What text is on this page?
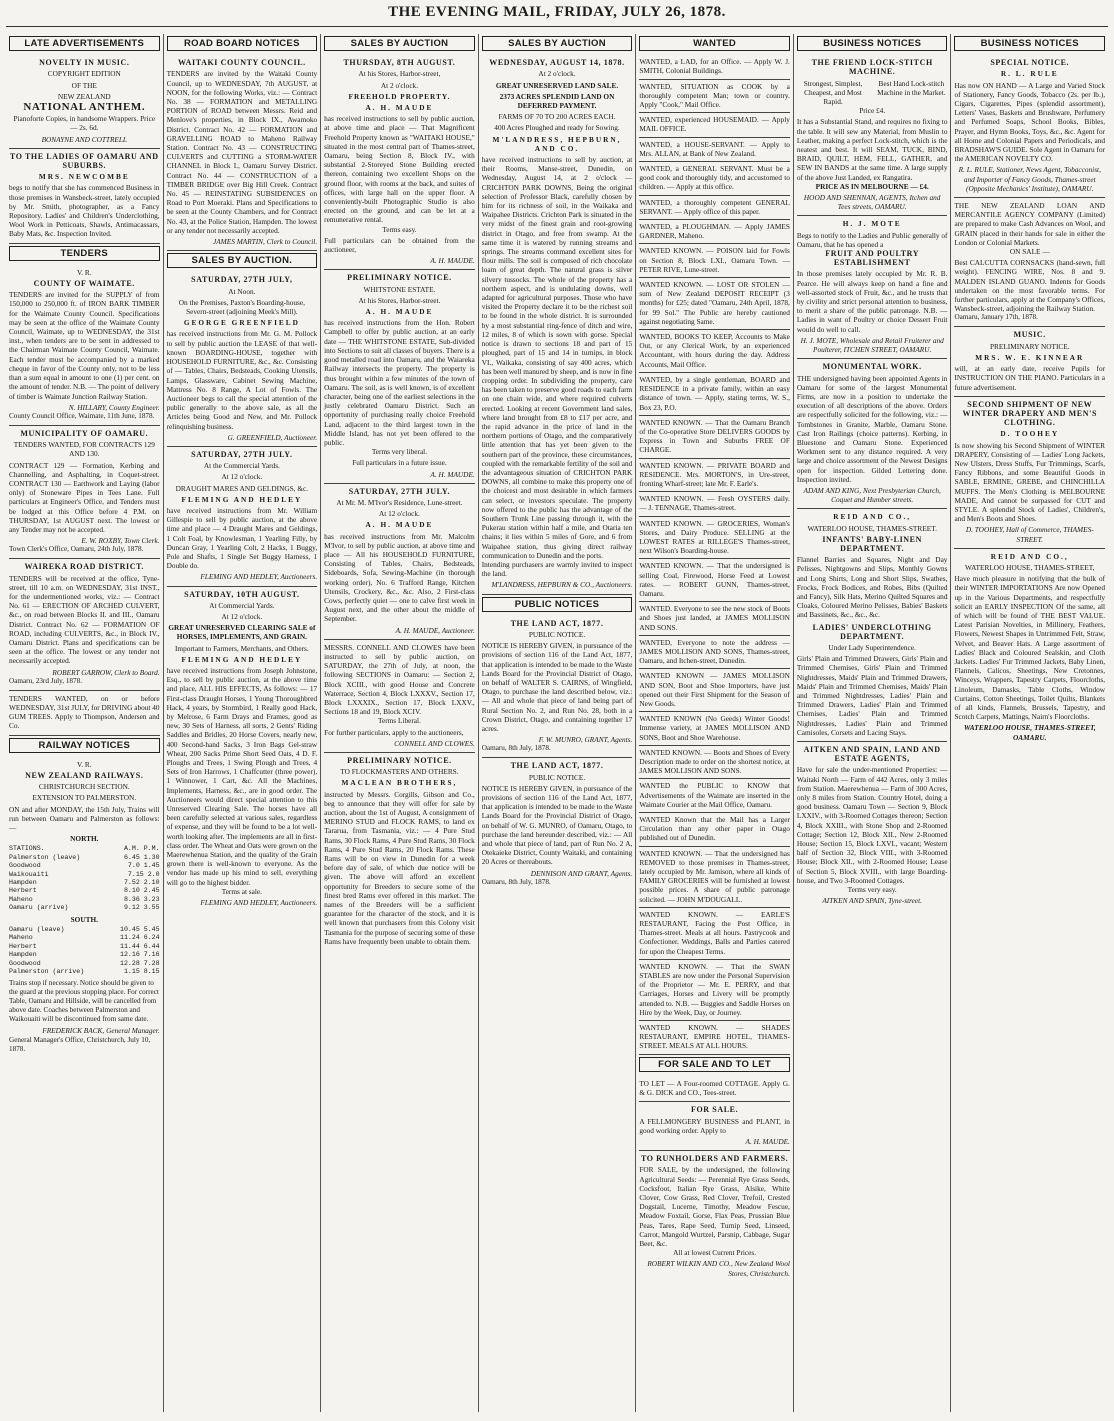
THE EVENING MAIL, FRIDAY, JULY 26, 1878.
LATE ADVERTISEMENTS
NOVELTY IN MUSIC.
COPYRIGHT EDITION
OF THE
NEW ZEALAND
NATIONAL ANTHEM.
Pianoforte Copies, in handsome Wrappers. Price — 2s. 6d.
BONAYNE AND COTTRELL
TO THE LADIES OF OAMARU AND SUBURBS.
MRS. NEWCOMBE
begs to notify that she has commenced Business in those premises in Wansbeck-street, lately occupied by Mr. Smith, photographer, as a Fancy Repository. Ladies' and Children's Underclothing, Wool Work in Petticoats, Shawls, Antimacassars, Baby Mats, &c. Inspection Invited.
TENDERS
V. R.
COUNTY OF WAIMATE.
TENDERS are invited for the SUPPLY of from 150,000 to 250,000 ft. of IRON BARK TIMBER for the Waimate County Council. Specifications may be seen at the office of the Waimate County Council, Waimate, up to WEDNESDAY, the 31st inst., when tenders are to be sent in addressed to the Chairman Waimate County Council, Waimate. Each tender must be accompanied by a marked cheque in favor of the County only, not to be less than a sum equal in amount to one (1) per cent. on the amount of tender. N.B. — The point of delivery of timber is Waimate Junction Railway Station.
N. HILLARY, County Engineer.
County Council Office, Waimate, 11th June, 1878.
MUNICIPALITY OF OAMARU.
TENDERS WANTED, FOR CONTRACTS 129 AND 130.
CONTRACT 129 — Formation, Kerbing and Channelling, and Asphalting, in Coquet-street. CONTRACT 130 — Earthwork and Laying (labor only) of Stoneware Pipes in Tees Lane. Full particulars at Engineer's Office, and Tenders must be lodged at this Office before 4 P.M. on THURSDAY, 1st AUGUST next. The lowest or any Tender may not be accepted.
E. W. ROXBY, Town Clerk.
Town Clerk's Office, Oamaru, 24th July, 1878.
WAIREKA ROAD DISTRICT.
TENDERS will be received at the office, Tyne-street, till 10 a.m. on WEDNESDAY, 31st INST., for the undermentioned works, viz.: — Contract No. 61 — ERECTION OF ARCHED CULVERT, &c., on road between Blocks II. and III., Oamaru District. Contract No. 62 — FORMATION OF ROAD, including CULVERTS, &c., in Block IV., Oamaru District. Plans and specifications can be seen at the office. The lowest or any tender not necessarily accepted.
ROBERT GARROW, Clerk to Board.
Oamaru, 23rd July, 1878.
TENDERS WANTED, on or before WEDNESDAY, 31st JULY, for DRIVING about 40 GUM TREES. Apply to Thompson, Andersen and Co.
RAILWAY NOTICES
V. R.
NEW ZEALAND RAILWAYS.
CHRISTCHURCH SECTION.
EXTENSION TO PALMERSTON.
ON and after MONDAY, the 15th July, Trains will run between Oamaru and Palmerston as follows: —
NORTH.
STATIONS.	A.M. P.M.
Palmerston (leave)	6.45 1.30
Goodwood	7.0 1.45
Waikouaiti	7.15 2.0
Hampden	7.52 2.10
Herbert	8.10 2.45
Maheno	8.36 3.23
Oamaru (arrive)	9.12 3.55
SOUTH.
Oamaru (leave)	10.45 5.45
Maheno	11.24 6.24
Herbert	11.44 6.44
Hampden	12.16 7.16
Goodwood	12.28 7.28
Palmerston (arrive)	1.15 8.15
Trains stop if necessary. Notice should be given to the guard at the previous stopping place. For correct Table, Oamaru and Hillside, will be cancelled from above date. Coaches between Palmerston and Waikouaiti will be discontinued from same date.
FREDERICK BACK, General Manager.
General Manager's Office, Christchurch, July 10, 1878.
ROAD BOARD NOTICES
WAITAKI COUNTY COUNCIL.
TENDERS are invited by the Waitaki County Council, up to WEDNESDAY, 7th AUGUST, at NOON, for the following Works, viz.: — Contract No. 38 — FORMATION and METALLING PORTION of ROAD between Messrs. Reid and Menlove's properties, in Block IX., Awamoko District. Contract No. 42 — FORMATION and GRAVELLING ROAD to Maheno Railway Station. Contract No. 43 — CONSTRUCTING CULVERTS and CUTTING a STORM-WATER CHANNEL in Block I., Oamaru Survey District. Contract No. 44 — CONSTRUCTION of a TIMBER BRIDGE over Big Hill Creek. Contract No. 45 — REINSTATING SUBSIDENCES on Road to Port Moeraki. Plans and Specifications to be seen at the County Chambers, and for Contract No. 43, at the Police Station, Hampden. The lowest or any tender not necessarily accepted.
JAMES MARTIN, Clerk to Council.
SALES BY AUCTION.
SATURDAY, 27TH JULY,
At Noon.
On the Premises, Paxton's Boarding-house, Severn-street (adjoining Meek's Mill).
GEORGE GREENFIELD
has received instructions from Mr. G. M. Pollock to sell by public auction the LEASE of that well-known BOARDING-HOUSE, together with HOUSEHOLD FURNITURE, &c., &c. Consisting of — Tables, Chairs, Bedsteads, Cooking Utensils, Lamps, Glassware, Cabinet Sewing Machine, Mattress No. 8 Range, A Lot of Fowls. The Auctioneer begs to call the special attention of the public generally to the above sale, as all the Articles being Good and New, and Mr. Pollock relinquishing business.
G. GREENFIELD, Auctioneer.
SATURDAY, 27TH JULY.
At the Commercial Yards.
At 12 o'clock.
DRAUGHT MARES AND GELDINGS, &c.
FLEMING AND HEDLEY
have received instructions from Mr. William Gillespie to sell by public auction, at the above time and place — 4 Draught Mares and Geldings, 1 Colt Foal, by Knowlesman, 1 Yearling Filly, by Duncan Gray, 1 Yearling Colt, 2 Hacks, 1 Buggy, Pole and Shafts, 1 Single Set Buggy Harness, 1 Double do.
FLEMING AND HEDLEY, Auctioneers.
SATURDAY, 10TH AUGUST.
At Commercial Yards.
At 12 o'clock.
GREAT UNRESERVED CLEARING SALE of HORSES, IMPLEMENTS, AND GRAIN.
Important to Farmers, Merchants, and Others.
FLEMING AND HEDLEY
have received instructions from Joseph Johnstone, Esq., to sell by public auction, at the above time and place, ALL HIS EFFECTS, As follows: — 17 First-class Draught Horses, 1 Young Thoroughbred Hack, 4 years, by Stormbird, 1 Really good Hack, by Melrose, 6 Farm Drays and Frames, good as new, 30 Sets of Harness, all sorts, 2 Gents' Riding Saddles and Bridles, 20 Horse Covers, nearly new, 400 Second-hand Sacks, 3 Iron Bags Gel-straw Wheat, 200 Sacks Prime Short Seed Oats, 4 D. F. Ploughs and Trees, 1 Swing Plough and Trees, 4 Sets of Iron Harrows, 1 Chaffcutter (three power), 1 Winnower, 1 Cart, &c. All the Machines, Implements, Harness, &c., are in good order. The Auctioneers would direct special attention to this Unreserved Clearing Sale. The horses have all been carefully selected at various sales, regardless of expense, and they will be found to be a lot well-worth looking after. The implements are all in first-class order. The Wheat and Oats were grown on the Maerewhenua Station, and the quality of the Grain grown there is well-known to everyone. As the vendor has made up his mind to sell, everything will go to the highest bidder.
Terms at sale.
FLEMING AND HEDLEY, Auctioneers.
SALES BY AUCTION
THURSDAY, 8TH AUGUST.
At his Stores, Harbor-street,
At 2 o'clock.
FREEHOLD PROPERTY.
A. H. MAUDE
has received instructions to sell by public auction, at above time and place — That Magnificent Freehold Property known as "WAITAKI HOUSE," situated in the most central part of Thames-street, Oamaru, being Section 8, Block IV., with substantial 2-Storeyed Stone Building erected thereon, containing two excellent Shops on the ground floor, with rooms at the back, and suites of offices, with large hall on the upper floor. A conveniently-built Photographic Studio is also erected on the ground, and can be let at a remunerative rental.
Terms easy.
Full particulars can be obtained from the auctioneer,
A. H. MAUDE.
PRELIMINARY NOTICE.
WHITSTONE ESTATE.
At his Stores, Harbor-street.
A. H. MAUDE
has received instructions from the Hon. Robert Campbell to offer by public auction, at an early date — THE WHITSTONE ESTATE, Sub-divided into Sections to suit all classes of buyers. There is a good metalled road into Oamaru, and the Waiareka Railway intersects the property. The property is thus brought within a few minutes of the town of Oamaru. The soil, as is well known, is of excellent character, being one of the earliest selections in the justly celebrated Oamaru District. Such an opportunity of purchasing really choice Freehold Land, adjacent to the third largest town in the Middle Island, has not yet been offered to the public.
Terms very liberal.
Full particulars in a future issue.
A. H. MAUDE.
SATURDAY, 27TH JULY.
At Mr. M. M'Ivor's Residence, Lune-street.
At 12 o'clock.
A. H. MAUDE
has received instructions from Mr. Malcolm M'Ivor, to sell by public auction, at above time and place — All his HOUSEHOLD FURNITURE, Consisting of Tables, Chairs, Bedsteads, Sideboards, Sofa, Sewing-Machine (in thorough working order), No. 6 Trafford Range, Kitchen Utensils, Crockery, &c., &c. Also, 2 First-class Cows, perfectly quiet — one to calve first week in August next, and the other about the middle of September.
A. H. MAUDE, Auctioneer.
MESSRS. CONNELL AND CLOWES have been instructed to sell by public auction, on SATURDAY, the 27th of July, at noon, the following SECTIONS in Oamaru: — Section 2, Block XCIII., with good House and Concrete Waterrace, Section 4, Block LXXXV., Section 17, Block LXXXIX., Section 17, Block LXXV., Sections 18 and 19, Block XCIV.
Terms Liberal.
For further particulars, apply to the auctioneers,
CONNELL AND CLOWES.
PRELIMINARY NOTICE.
TO FLOCKMASTERS AND OTHERS.
MACLEAN BROTHERS,
instructed by Messrs. Corgills, Gibson and Co., beg to announce that they will offer for sale by auction, about the 1st of August, A consignment of MERINO STUD and FLOCK RAMS, to land ex Tararua, from Tasmania, viz.: — 4 Pure Stud Rams, 30 Flock Rams, 4 Pure Stud Rams, 30 Flock Rams, 4 Pure Stud Rams, 20 Flock Rams. These Rams will be on view in Dunedin for a week before day of sale, of which due notice will be given. The above will afford an excellent opportunity for Breeders to secure some of the finest bred Rams ever offered in this market. The names of the Breeders will be a sufficient guarantee for the character of the stock, and it is well known that purchasers from this Colony visit Tasmania for the purpose of securing some of these Rams have frequently been unable to obtain them.
SALES BY AUCTION
WEDNESDAY, AUGUST 14, 1878.
At 2 o'clock.
GREAT UNRESERVED LAND SALE.
2373 ACRES SPLENDID LAND ON DEFERRED PAYMENT.
FARMS OF 70 TO 200 ACRES EACH.
400 Acres Ploughed and ready for Sowing.
M'LANDRESS, HEPBURN, AND CO.
have received instructions to sell by auction, at their Rooms, Manse-street, Dunedin, on Wednesday, August 14, at 2 o'clock — CRICHTON PARK DOWNS, Being the original selection of Professor Black, carefully chosen by him for its richness of soil, in the Waikaka and Waipahee Districts. Crichton Park is situated in the very midst of the finest grain and root-growing district in Otago, and free from swamp. At the same time it is watered by running streams and springs. The streams command excellent sites for flour mills. The soil is composed of rich chocolate loam of great depth. The natural grass is silver silvery tussocks. The whole of the property has a northern aspect, and is undulating downs, well adapted for agricultural purposes. Those who have visited the Property declare it to be the richest soil to be found in the whole district. It is surrounded by a most substantial ring-fence of ditch and wire, 12 miles, 8 of which is sown with gorse. Special notice is drawn to sections 18 and part of 15 ploughed, part of 15 and 14 in turnips, in block VI., Waikaka, consisting of say 400 acres, which has been well manured by sheep, and is now in fine cropping order. In subdividing the property, care has been taken to preserve good roads to each farm on one chain wide, and where required culverts erected. Looking at recent Government land sales, where land brought from £8 to £17 per acre, and the rapid advance in the price of land in the northern portions of Otago, and the comparatively little attention that has yet been given to the southern part of the province, these circumstances, coupled with the remarkable fertility of the soil and the advantageous situation of CRICHTON PARK DOWNS, all combine to make this property one of the choicest and most desirable in which farmers can select, or investors speculate. The property now offered to the public has the advantage of the Southern Trunk Line passing through it, with the Pukerau station within half a mile, and Otaria ten chains; it lies within 5 miles of Gore, and 6 from Waipahee station, thus giving direct railway communication to Dunedin and the ports.
Intending purchasers are warmly invited to inspect the land.
M'LANDRESS, HEPBURN & CO., Auctioneers.
PUBLIC NOTICES
THE LAND ACT, 1877.
PUBLIC NOTICE.
NOTICE IS HEREBY GIVEN, in pursuance of the provisions of section 116 of the Land Act, 1877, that application is intended to be made to the Waste Lands Board for the Provincial District of Otago, on behalf of WALTER S. CAIRNS, of Wingfield, Otago, to purchase the land described below, viz.: — All and whole that piece of land being part of Rural Section No. 2, and Run No. 28, both in a Crown District, Otago, and containing together 17 acres.
F. W. MUNRO, GRANT, Agents.
Oamaru, 8th July, 1878.
THE LAND ACT, 1877.
PUBLIC NOTICE.
NOTICE IS HEREBY GIVEN, in pursuance of the provisions of section 116 of the Land Act, 1877, that application is intended to be made to the Waste Lands Board for the Provincial District of Otago, on behalf of W. G. MUNRO, of Oamaru, Otago, to purchase the land hereunder described, viz.: — All and whole that piece of land, part of Run No. 2 A, Otekaieke District, County Waitaki, and containing 20 Acres or thereabouts.
DENNISON AND GRANT, Agents.
Oamaru, 8th July, 1878.
WANTED
WANTED, a LAD, for an Office. — Apply W. J. SMITH, Colonial Buildings.
WANTED, SITUATION as COOK by a thoroughly competent Man; town or country. Apply "Cook," Mail Office.
WANTED, experienced HOUSEMAID. — Apply MAIL OFFICE.
WANTED, a HOUSE-SERVANT. — Apply to Mrs. ALLAN, at Bank of New Zealand.
WANTED, a GENERAL SERVANT. Must be a good cook and thoroughly tidy, and accustomed to children. — Apply at this office.
WANTED, a thoroughly competent GENERAL SERVANT. — Apply office of this paper.
WANTED, a PLOUGHMAN. — Apply JAMES GARDNER, Maheno.
WANTED KNOWN. — POISON laid for Fowls on Section 8, Block LXI., Oamaru Town. — PETER RIVE, Lune-street.
WANTED KNOWN. — LOST OR STOLEN — sum of New Zealand DEPOSIT RECEIPT (3 months) for £25; dated "Oamaru, 24th April, 1878, for 99 Sol." The Public are hereby cautioned against negotiating Same.
WANTED, BOOKS TO KEEP, Accounts to Make Out, or any Clerical Work, by an experienced Accountant, with hours during the day. Address Accounts, Mail Office.
WANTED, by a single gentleman, BOARD and RESIDENCE in a private family, within an easy distance of town. — Apply, stating terms, W. S., Box 23, P.O.
WANTED KNOWN. — That the Oamaru Branch of the Co-operative Store DELIVERS GOODS by Express in Town and Suburbs FREE OF CHARGE.
WANTED KNOWN. — PRIVATE BOARD and RESIDENCE. Mrs. MORTON'S, in Ure-street, fronting Wharf-street; late Mr. F. Earle's.
WANTED KNOWN. — Fresh OYSTERS daily. — J. TENNAGE, Thames-street.
WANTED KNOWN. — GROCERIES, Woman's Stores, and Dairy Produce. SELLING at the LOWEST RATES at RILLEGE'S Thames-street, next Wilson's Boarding-house.
WANTED KNOWN. — That the undersigned is selling Coal, Firewood, Horse Feed at Lowest rates. — ROBERT GUNN, Thames-street, Oamaru.
WANTED. Everyone to see the new stock of Boots and Shoes just landed, at JAMES MOLLISON AND SONS.
WANTED, Everyone to note the address — JAMES MOLLISON AND SONS, Thames-street, Oamaru, and Itchen-street, Dunedin.
WANTED KNOWN — JAMES MOLLISON AND SON, Boot and Shoe Importers, have just opened out their First Shipment for the Season of New Goods.
WANTED KNOWN (No Geeds) Winter Goods! Immense variety, at JAMES MOLLISON AND SONS, Boot and Shoe Warehouse.
WANTED KNOWN. — Boots and Shoes of Every Description made to order on the shortest notice, at JAMES MOLLISON AND SONS.
WANTED the PUBLIC to KNOW that Advertisements of the Waimate are inserted in the Waimate Courier at the Mail Office, Oamaru.
WANTED Known that the Mail has a Larger Circulation than any other paper in Otago published out of Dunedin.
WANTED KNOWN. — That the undersigned has REMOVED to those premises in Thames-street, lately occupied by Mr. Jamison, where all kinds of FAMILY GROCERIES will be furnished at lowest possible prices. A share of public patronage solicited. — JOHN M'DOUGALL.
WANTED KNOWN. — EARLE'S RESTAURANT, Facing the Post Office, in Thames-street. Meals at all hours. Pastrycook and Confectioner. Weddings, Balls and Parties catered for upon the Cheapest Terms.
WANTED KNOWN. — That the SWAN STABLES are now under the Personal Supervision of the Proprietor — Mr. E. PERRY, and that Carriages, Horses and Livery will be promptly attended to. N.B. — Buggies and Saddle Horses on Hire by the Week, Day, or Journey.
WANTED KNOWN. — SHADES RESTAURANT, EMPIRE HOTEL, THAMES-STREET. MEALS AT ALL HOURS.
FOR SALE AND TO LET
TO LET — A Four-roomed COTTAGE. Apply G. & G. DICK and CO., Tees-street.
FOR SALE.
A FELLMONGERY BUSINESS and PLANT, in good working order. Apply to
A. H. MAUDE.
TO RUNHOLDERS AND FARMERS.
FOR SALE, by the undersigned, the following Agricultural Seeds: — Perennial Rye Grass Seeds, Cocksfoot, Italian Rye Grass, Alsike, White Clover, Cow Grass, Red Clover, Trefoil, Crested Dogstail, Lucerne, Timothy, Meadow Fescue, Meadow Foxtail, Gorse, Flax Peas, Prussian Blue Peas, Tares, Rape Seed, Turnip Seed, Linseed, Carrot, Mangold Wurtzel, Parsnip, Cabbage, Sugar Beet, &c.
All at lowest Current Prices.
ROBERT WILKIN AND CO., New Zealand Wool Stores, Christchurch.
BUSINESS NOTICES
THE FRIEND LOCK-STITCH MACHINE.
Strongest, Simplest, Cheapest, and Most Rapid.
Best Hand Lock-stitch Machine in the Market.
Price £4.
It has a Substantial Stand, and requires no fixing to the table. It will sew any Material, from Muslin to Leather, making a perfect Lock-stitch, which is the neatest and best. It will SEAM, TUCK, BIND, BRAID, QUILT, HEM, FELL, GATHER, and SEW IN BANDS at the same time. A large supply of the above Just Landed, ex Rangatira.
PRICE AS IN MELBOURNE — £4.
HOOD AND SHENNAN, AGENTS, Itchen and Tees streets, OAMARU.
H. J. MOTE
Begs to notify to the Ladies and Public generally of Oamaru, that he has opened a
FRUIT AND POULTRY ESTABLISHMENT
In those premises lately occupied by Mr. R. B. Pearce. He will always keep on hand a fine and well-assorted stock of Fruit, &c., and he trusts that by civility and strict personal attention to business, to merit a share of the public patronage. N.B. — Ladies in want of Poultry or choice Dessert Fruit would do well to call.
H. J. MOTE, Wholesale and Retail Fruiterer and Poulterer, ITCHEN STREET, OAMARU.
MONUMENTAL WORK.
THE undersigned having been appointed Agents in Oamaru for some of the largest Monumental Firms, are now in a position to undertake the execution of all descriptions of the above. Orders are respectfully solicited for the following, viz.: — Tombstones in Granite, Marble, Oamaru Stone. Cast Iron Railings (choice patterns). Kerbing, in Bluestone and Oamaru Stone. Experienced Workmen sent to any distance required. A very large and choice assortment of the Newest Designs open for inspection. Gilded Lettering done. Inspection invited.
ADAM AND KING, Next Presbyterian Church, Coquet and Humber streets.
REID AND CO.,
WATERLOO HOUSE, THAMES-STREET.
INFANTS' BABY-LINEN DEPARTMENT.
Flannel Barries and Squares, Night and Day Pelisses, Nightgowns and Slips, Monthly Gowns and Long Shirts, Long and Short Slips, Swathes, Frocks, Frock Bodices, and Robes, Bibs (Quilted and Fancy), Silk Hats, Merino Quilted Squares and Cloaks, Coloured Merino Pelisses, Babies' Baskets and Bassinets, &c., &c., &c.
LADIES' UNDERCLOTHING DEPARTMENT.
Under Lady Superintendence.
Girls' Plain and Trimmed Drawers, Girls' Plain and Trimmed Chemises, Girls' Plain and Trimmed Nightdresses, Maids' Plain and Trimmed Drawers, Maids' Plain and Trimmed Chemises, Maids' Plain and Trimmed Nightdresses, Ladies' Plain and Trimmed Drawers, Ladies' Plain and Trimmed Chemises, Ladies' Plain and Trimmed Nightdresses, Ladies' Plain and Trimmed Camisoles, Corsets and Lacing Stays.
AITKEN AND SPAIN, LAND AND ESTATE AGENTS,
Have for sale the under-mentioned Properties: — Waitaki North — Farm of 442 Acres, only 3 miles from Station. Maerewhenua — Farm of 300 Acres, only 8 miles from Station. Country Hotel, doing a good business. Oamaru Town — Section 9, Block LXXIV., with 3-Roomed Cottages thereon; Section 4, Block XXIII., with Stone Shop and 2-Roomed Cottage; Section 12, Block XII., New 2-Roomed House; Section 15, Block LXVI., vacant; Western half of Section 32, Block VIII., with 3-Roomed House; Block XII., with 2-Roomed House; Lease of Section 5, Block XVIII., with large Boarding-house, and Two 3-Roomed Cottages.
Terms very easy.
AITKEN AND SPAIN, Tyne-street.
BUSINESS NOTICES
SPECIAL NOTICE.
R. L. RULE
Has now ON HAND — A Large and Varied Stock of Stationery, Fancy Goods, Tobacco (2s. per lb.), Cigars, Cigarettes, Pipes (splendid assortment), Letters' Vases, Baskets and Brushware, Perfumery and Perfumed Soaps, School Books, Bibles, Prayer, and Hymn Books, Toys, &c., &c. Agent for all Home and Colonial Papers and Periodicals, and BRADSHAW'S GUIDE. Sole Agent in Oamaru for the AMERICAN NOVELTY CO.
R. L. RULE, Stationer, News Agent, Tobacconist, and Importer of Fancy Goods, Thames-street (Opposite Mechanics' Institute), OAMARU.
THE NEW ZEALAND LOAN AND MERCANTILE AGENCY COMPANY (Limited) are prepared to make Cash Advances on Wool, and GRAIN placed in their hands for sale in either the London or Colonial Markets.
ON SALE —
Best CALCUTTA CORNSACKS (hand-sewn, full weight). FENCING WIRE, Nos. 8 and 9. MALDEN ISLAND GUANO. Indents for Goods undertaken on the most favorable terms. For further particulars, apply at the Company's Offices, Wansbeck-street, adjoining the Railway Station.
Oamaru, January 17th, 1878.
MUSIC.
PRELIMINARY NOTICE.
MRS. W. E. KINNEAR
will, at an early date, receive Pupils for INSTRUCTION ON THE PIANO. Particulars in a future advertisement.
SECOND SHIPMENT OF NEW WINTER DRAPERY AND MEN'S CLOTHING.
D. TOOHEY
Is now showing his Second Shipment of WINTER DRAPERY, Consisting of — Ladies' Long Jackets, New Ulsters, Dress Stuffs, Fur Trimmings, Scarfs, Fancy Ribbons, and some Beautiful Goods in SABLE, ERMINE, GREBE, and CHINCHILLA MUFFS. The Men's Clothing is MELBOURNE MADE, And cannot be surpassed for CUT and STYLE. A splendid Stock of Ladies', Children's, and Men's Boots and Shoes.
D. TOOHEY, Hall of Commerce, THAMES-STREET.
REID AND CO.,
WATERLOO HOUSE, THAMES-STREET,
Have much pleasure in notifying that the bulk of their WINTER IMPORTATIONS Are now Opened up in the Various Departments, and respectfully solicit an EARLY INSPECTION Of the same, all of which will be found of THE BEST VALUE. Latest Parisian Novelties, in Millinery, Feathers, Flowers, Newest Shapes in Untrimmed Felt, Straw, Velvet, and Beaver Hats. A Large assortment of Ladies' Black and Coloured Sealskin, and Cloth Jackets. Ladies' Fur Trimmed Jackets, Baby Linen, Flannels, Calicos, Sheetings, New Cretonnes, Winceys, Wrappers, Tapestry Carpets, Floorcloths, Linoleum, Damasks, Table Cloths, Window Curtains, Cotton Sheetings, Toilet Quilts, Blankets of all kinds, Flannels, Brussels, Tapestry, and Scotch Carpets, Mattings, Nairn's Floorcloths.
WATERLOO HOUSE, THAMES-STREET, OAMARU.
